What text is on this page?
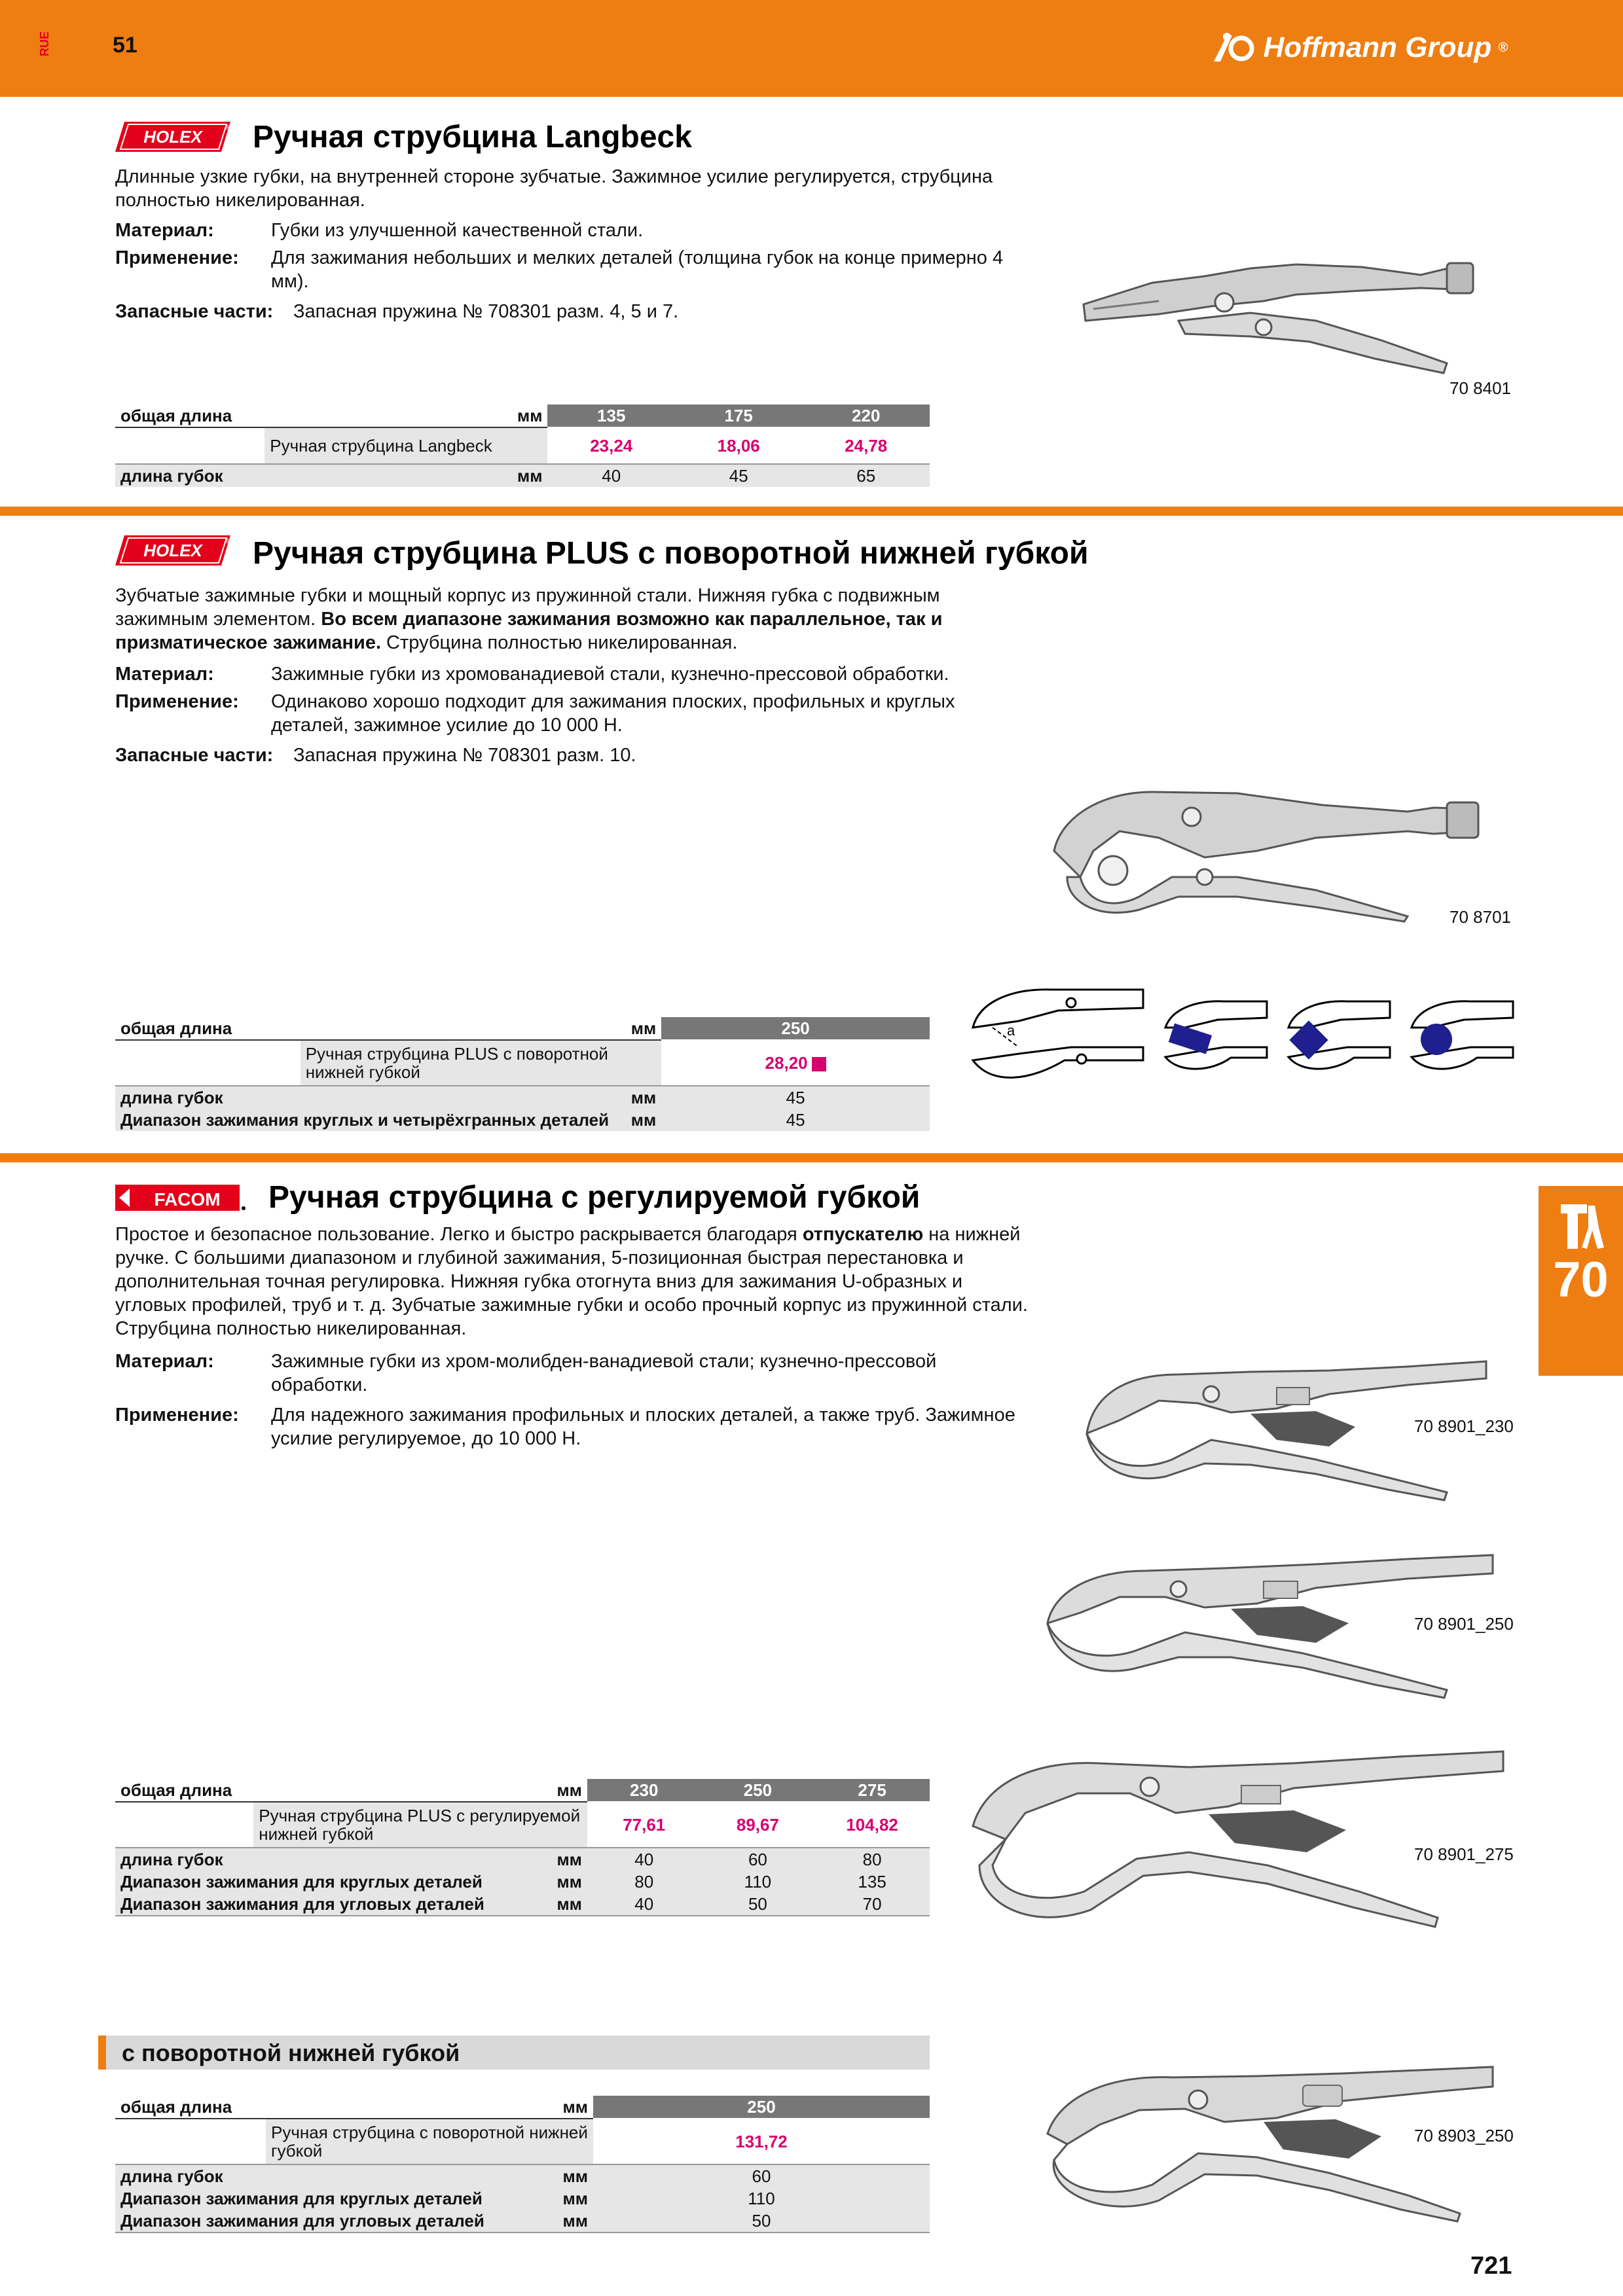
RUE	51	Hoffmann Group ®
HOLEX	® Ручная струбцина Langbeck
Длинные узкие губки, на внутренней стороне зубчатые. Зажимное усилие регулируется, струбцина полностью никелированная.
Материал:	Губки из улучшенной качественной стали.
Применение:	Для зажимания небольших и мелких деталей (толщина губок на конце примерно 4 мм).
Запасные части:	Запасная пружина № 708301 разм. 4, 5 и 7.
70 8401
общая длина		мм	135	175	220
72B 70 8401	Ручная струбцина Langbeck		23,24	18,06	24,78
длина губок		мм	40	45	65
HOLEX	® Ручная струбцина PLUS с поворотной нижней губкой
Зубчатые зажимные губки и мощный корпус из пружинной стали. Нижняя губка с подвижным зажимным элементом. Во всем диапазоне зажимания возможно как параллельное, так и призматическое зажимание. Струбцина полностью никелированная.
Материал:	Зажимные губки из хромованадиевой стали, кузнечно-прессовой обработки.
Применение:	Одинаково хорошо подходит для зажимания плоских, профильных и круглых деталей, зажимное усилие до 10 000 Н.
Запасные части:	Запасная пружина № 708301 разм. 10.
70 8701
a
общая длина		мм	250
72B 70 8701	Ручная струбцина PLUS с поворотной нижней губкой		28,20
длина губок		мм	45
Диапазон зажимания круглых и четырёхгранных деталей		мм	45
FACOM Ручная струбцина с регулируемой губкой
Простое и безопасное пользование. Легко и быстро раскрывается благодаря отпускателю на нижней ручке. С большими диапазоном и глубиной зажимания, 5-позиционная быстрая перестановка и дополнительная точная регулировка. Нижняя губка отогнута вниз для зажимания U-образных и угловых профилей, труб и т. д. Зубчатые зажимные губки и особо прочный корпус из пружинной стали. Струбцина полностью никелированная.
Материал:	Зажимные губки из хром-молибден-ванадиевой стали; кузнечно-прессовой обработки.
Применение:	Для надежного зажимания профильных и плоских деталей, а также труб. Зажимное усилие регулируемое, до 10 000 Н.
70 8901_230
70 8901_250
70 8901_275
общая длина		мм	230	250	275
73R 70 8901	Ручная струбцина PLUS с регулируемой нижней губкой		77,61	89,67	104,82
длина губок		мм	40	60	80
Диапазон зажимания для круглых деталей		мм	80	110	135
Диапазон зажимания для угловых деталей		мм	40	50	70
с поворотной нижней губкой
70 8903_250
общая длина		мм	250
73R 70 8903	Ручная струбцина с поворотной нижней губкой		131,72
длина губок		мм	60
Диапазон зажимания для круглых деталей		мм	110
Диапазон зажимания для угловых деталей		мм	50
70
721
